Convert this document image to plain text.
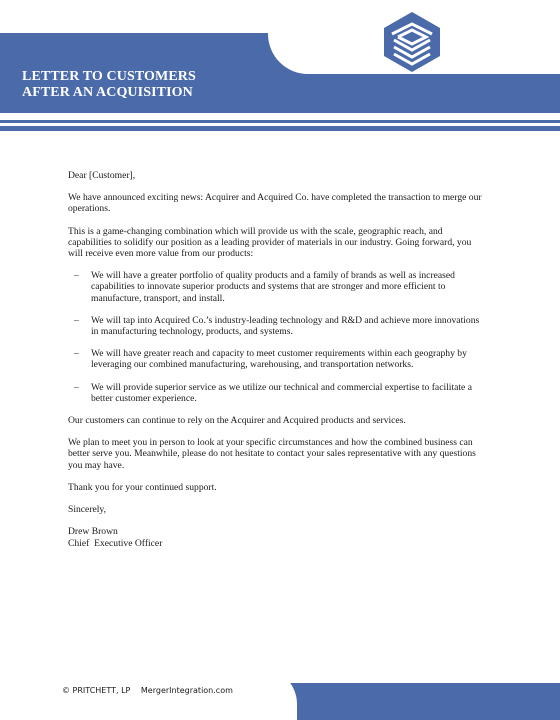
LETTER TO CUSTOMERS
AFTER AN ACQUISITION

Dear [Customer],

We have announced exciting news: Acquirer and Acquired Co. have completed the transaction to merge our operations.

This is a game-changing combination which will provide us with the scale, geographic reach, and capabilities to solidify our position as a leading provider of materials in our industry. Going forward, you will receive even more value from our products:

– We will have a greater portfolio of quality products and a family of brands as well as increased capabilities to innovate superior products and systems that are stronger and more efficient to manufacture, transport, and install.
– We will tap into Acquired Co.’s industry-leading technology and R&D and achieve more innovations in manufacturing technology, products, and systems.
– We will have greater reach and capacity to meet customer requirements within each geography by leveraging our combined manufacturing, warehousing, and transportation networks.
– We will provide superior service as we utilize our technical and commercial expertise to facilitate a better customer experience.

Our customers can continue to rely on the Acquirer and Acquired products and services.

We plan to meet you in person to look at your specific circumstances and how the combined business can better serve you. Meanwhile, please do not hesitate to contact your sales representative with any questions you may have.

Thank you for your continued support.

Sincerely,

Drew Brown
Chief  Executive Officer
© PRITCHETT, LP MergerIntegration.com
